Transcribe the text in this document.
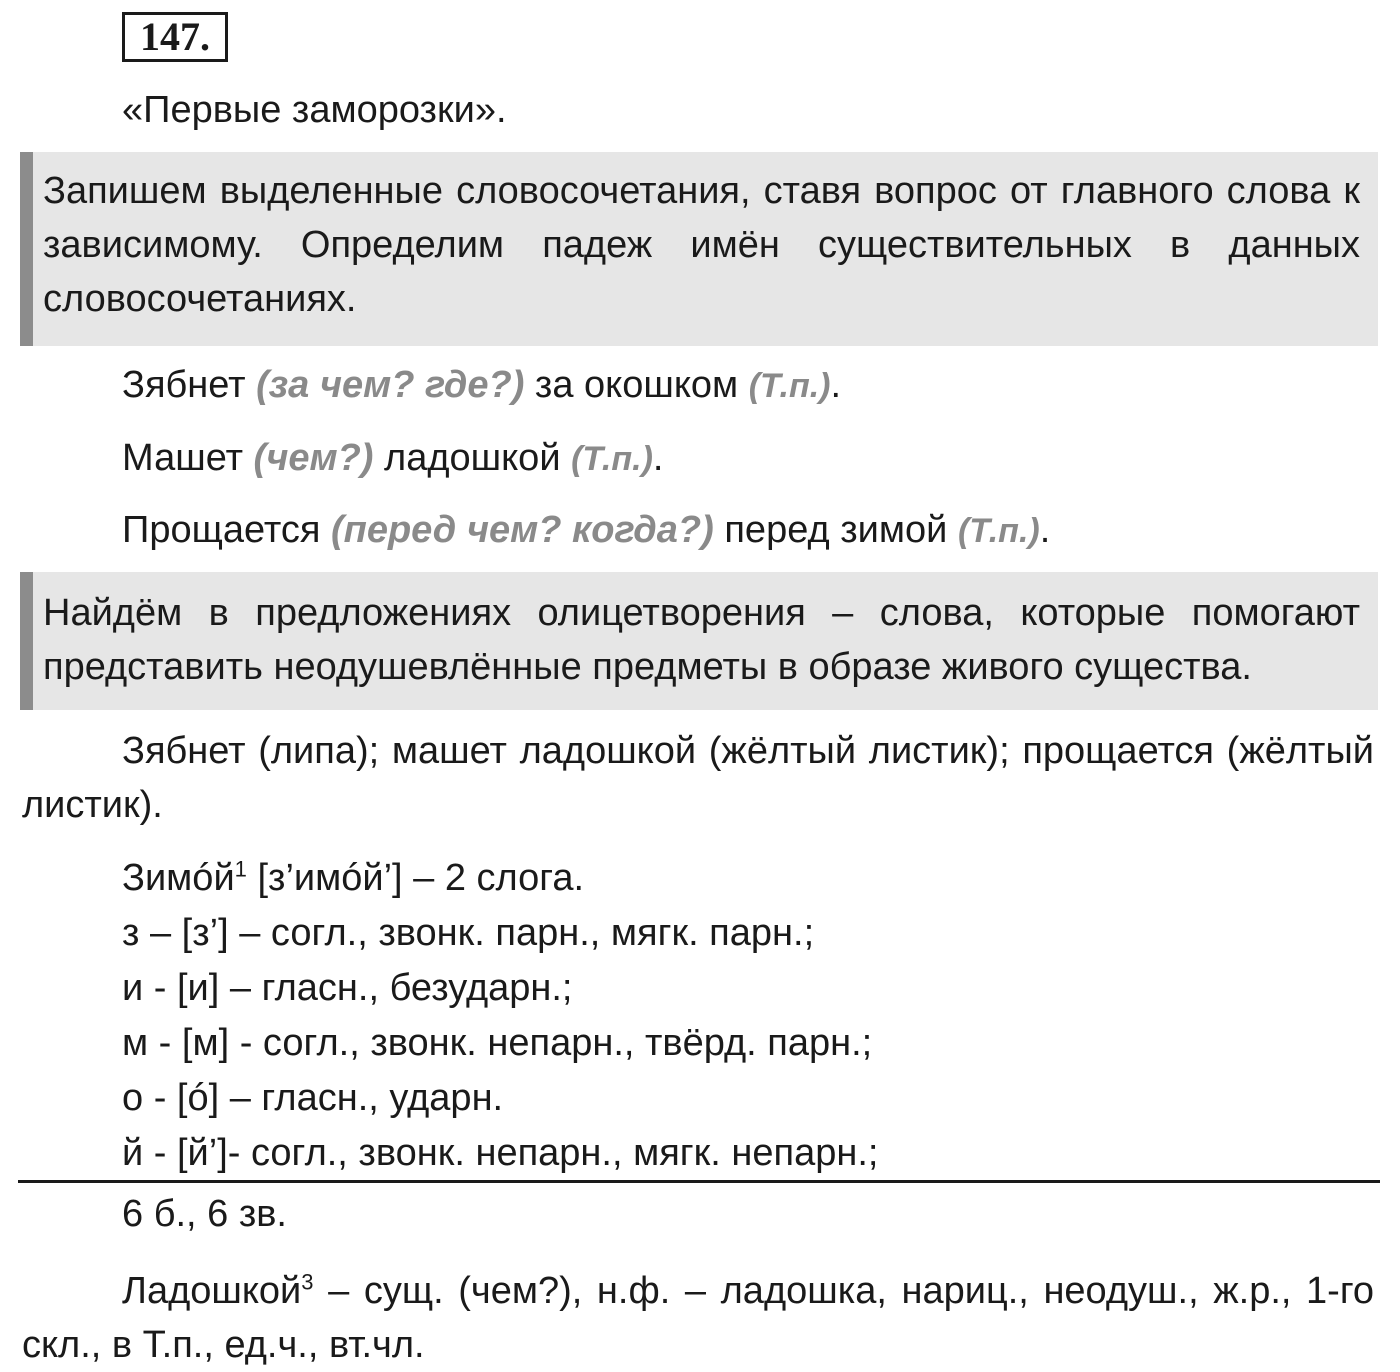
147.
«Первые заморозки».
Запишем выделенные словосочетания, ставя вопрос от главного слова к зависимому. Определим падеж имён существительных в данных словосочетаниях.
Зябнет (за чем? где?) за окошком (Т.п.).
Машет (чем?) ладошкой (Т.п.).
Прощается (перед чем? когда?) перед зимой (Т.п.).
Найдём в предложениях олицетворения – слова, которые помогают представить неодушевлённые предметы в образе живого существа.
Зябнет (липа); машет ладошкой (жёлтый листик); прощается (жёлтый листик).
Зимóй$^1$ [з’имóй’] – 2 слога.
з – [з’] – согл., звонк. парн., мягк. парн.;
и - [и] – гласн., безударн.;
м - [м] - согл., звонк. непарн., твёрд. парн.;
о - [ó] – гласн., ударн.
й - [й’]- согл., звонк. непарн., мягк. непарн.;
6 б., 6 зв.
Ладошкой$^3$ – сущ. (чем?), н.ф. – ладошка, нариц., неодуш., ж.р., 1-го скл., в Т.п., ед.ч., вт.чл.
